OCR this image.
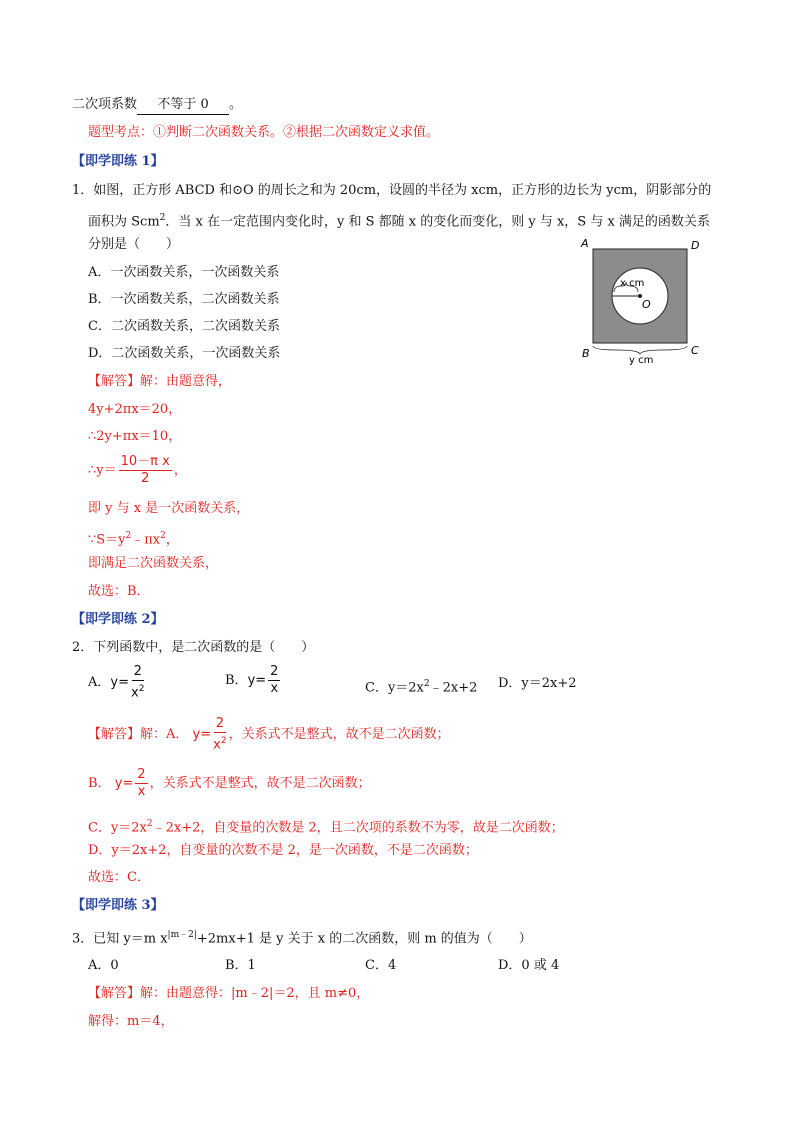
二次项系数 不等于 0 。
题型考点：①判断二次函数关系。②根据二次函数定义求值。
【即学即练 1】
1．如图，正方形 ABCD 和⊙O 的周长之和为 20cm，设圆的半径为 xcm，正方形的边长为 ycm，阴影部分的
面积为 Scm$^2$．当 x 在一定范围内变化时，y 和 S 都随 x 的变化而变化，则 y 与 x，S 与 x 满足的函数关系
分别是（　　）
A．一次函数关系，一次函数关系
B．一次函数关系，二次函数关系
C．二次函数关系，二次函数关系
D．二次函数关系，一次函数关系
A	D
B	C
O
x cm
y cm
【解答】解：由题意得，
4y+2πx＝20，
∴2y+πx＝10，
∴y＝ $\frac{\text{10－π x}}{2}$ ，
即 y 与 x 是一次函数关系，
$\because S=y^2﹣\pi x^2$，
即满足二次函数关系，
故选：B．
【即学即练 2】
2．下列函数中，是二次函数的是（　　）
A．$y= \frac{2}{x^2}$	B．$y= \frac{2}{x}$	C．$y=2x^2﹣2x+2$ D．y＝2x+2
【解答】解：A． $y= \frac{2}{x^2}$ ，关系式不是整式，故不是二次函数；
B． $y= \frac{2}{x}$ ，关系式不是整式，故不是二次函数；
C．$y=2x^2﹣2x+2$，自变量的次数是 2，且二次项的系数不为零，故是二次函数；
D．y＝2x+2，自变量的次数不是 2，是一次函数，不是二次函数；
故选：C．
【即学即练 3】
3．已知 y＝m $x^{|m﹣2|}+2mx+1$ 是 y 关于 x 的二次函数，则 m 的值为（　　）
A．0	B．1	C．4	D．0 或 4
【解答】解：由题意得：|m﹣2|＝2，且 m≠0，
解得：m＝4，
